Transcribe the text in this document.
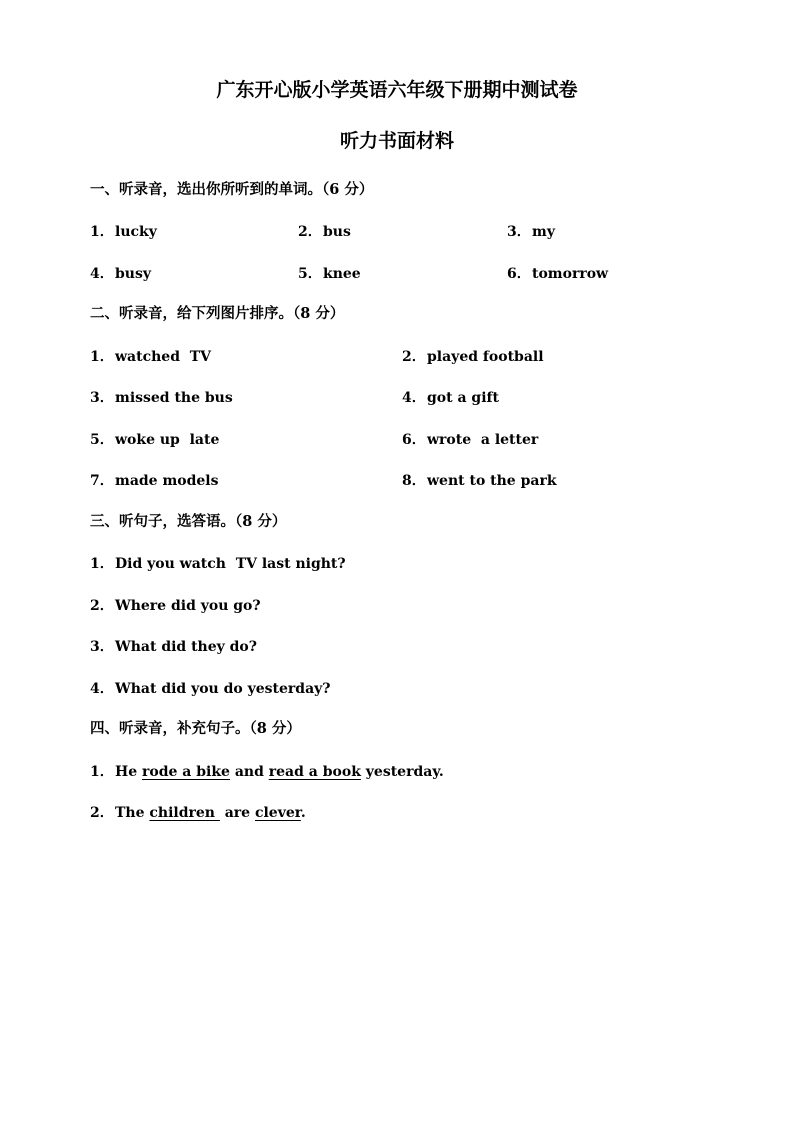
广东开心版小学英语六年级下册期中测试卷
听力书面材料
一、听录音，选出你所听到的单词。（6 分）
1．lucky	2．bus	3．my
4．busy	5．knee	6．tomorrow
二、听录音，给下列图片排序。（8 分）
1．watched  TV	2．played football
3．missed the bus	4．got a gift
5．woke up  late	6．wrote  a letter
7．made models	8．went to the park
三、听句子，选答语。（8 分）
1．Did you watch  TV last night?
2．Where did you go?
3．What did they do?
4．What did you do yesterday?
四、听录音，补充句子。（8 分）
1．He rode a bike and read a book yesterday.
2．The children  are clever.
